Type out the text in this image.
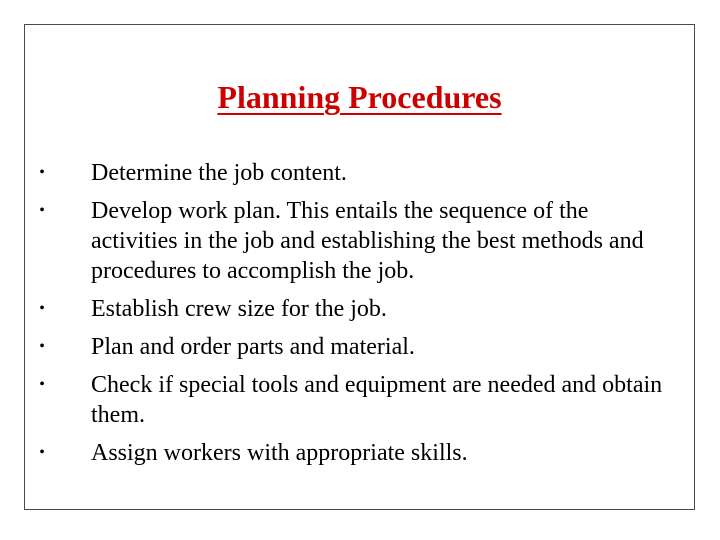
Planning Procedures
•	Determine the job content.
•	Develop work plan. This entails the sequence of the activities in the job and establishing the best methods and procedures to accomplish the job.
•	Establish crew size for the job.
•	Plan and order parts and material.
•	Check if special tools and equipment are needed and obtain them.
•	Assign workers with appropriate skills.
